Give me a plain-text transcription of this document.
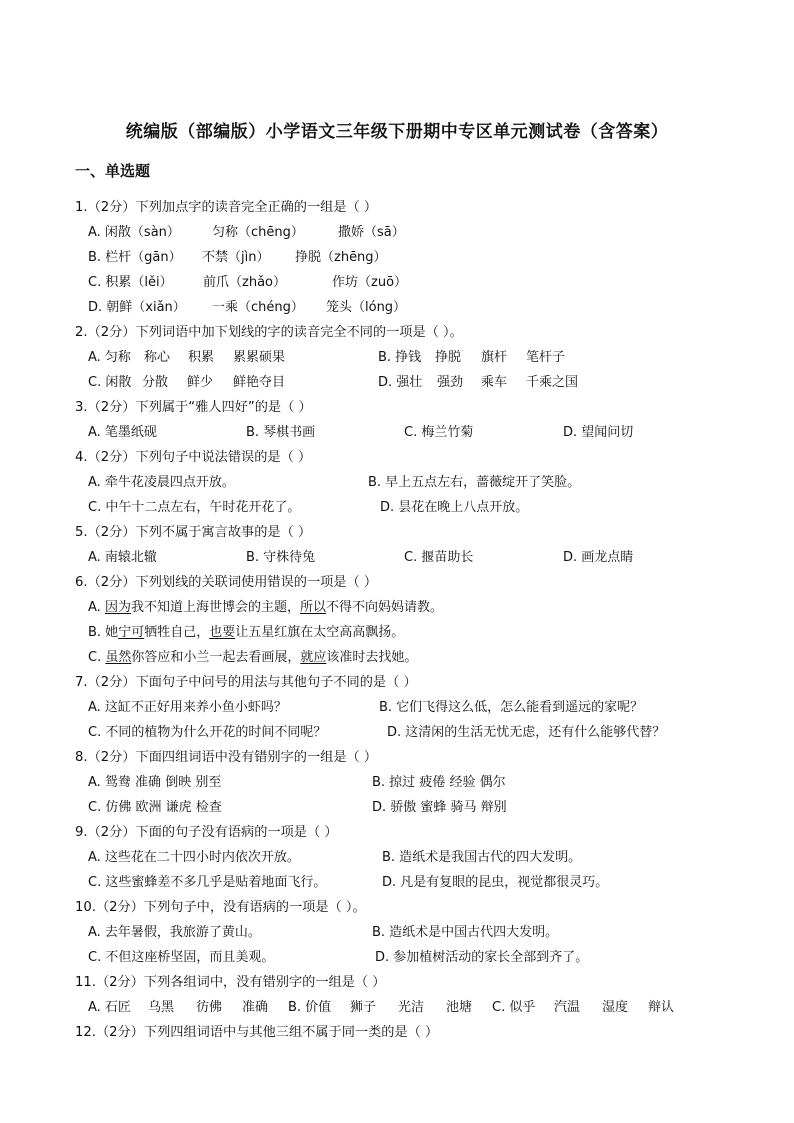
统编版（部编版）小学语文三年级下册期中专区单元测试卷（含答案）
一、单选题
1.（2分）下列加点字的读音完全正确的一组是（ ）
A. 闲散（sàn） 匀称（chēng）	撒娇（sā）
B. 栏杆（gān） 不禁（jìn） 挣脱（zhēng）
C. 积累（lěi） 前爪（zhǎo）	作坊（zuō）
D. 朝鲜（xiǎn） 一乘（chéng） 笼头（lóng）
2.（2分）下列词语中加下划线的字的读音完全不同的一项是（ ）。
A. 匀称 称心 积累 累累硕果	B. 挣钱 挣脱 旗杆 笔杆子
C. 闲散 分散 鲜少 鲜艳夺目	D. 强壮 强劲 乘车 千乘之国
3.（2分）下列属于“雅人四好”的是（ ）
A. 笔墨纸砚	B. 琴棋书画	C. 梅兰竹菊	D. 望闻问切
4.（2分）下列句子中说法错误的是（ ）
A. 牵牛花凌晨四点开放。	B. 早上五点左右，蔷薇绽开了笑脸。
C. 中午十二点左右，午时花开花了。	D. 昙花在晚上八点开放。
5.（2分）下列不属于寓言故事的是（ ）
A. 南辕北辙	B. 守株待兔	C. 揠苗助长	D. 画龙点睛
6.（2分）下列划线的关联词使用错误的一项是（ ）
A. 因为我不知道上海世博会的主题，所以不得不向妈妈请教。
B. 她宁可牺牲自己，也要让五星红旗在太空高高飘扬。
C. 虽然你答应和小兰一起去看画展，就应该准时去找她。
7.（2分）下面句子中问号的用法与其他句子不同的是（ ）
A. 这缸不正好用来养小鱼小虾吗？	B. 它们飞得这么低，怎么能看到遥远的家呢？
C. 不同的植物为什么开花的时间不同呢？	D. 这清闲的生活无忧无虑，还有什么能够代替？
8.（2分）下面四组词语中没有错别字的一组是（ ）
A. 鸳鸯 准确 倒映 别至	B. 掠过 疲倦 经验 偶尔
C. 仿佛 欧洲 谦虎 检查	D. 骄傲 蜜蜂 骑马 辩别
9.（2分）下面的句子没有语病的一项是（ ）
A. 这些花在二十四小时内依次开放。	B. 造纸术是我国古代的四大发明。
C. 这些蜜蜂差不多几乎是贴着地面飞行。	D. 凡是有复眼的昆虫，视觉都很灵巧。
10.（2分）下列句子中，没有语病的一项是（ ）。
A. 去年暑假，我旅游了黄山。	B. 造纸术是中国古代四大发明。
C. 不但这座桥坚固，而且美观。	D. 参加植树活动的家长全部到齐了。
11.（2分）下列各组词中，没有错别字的一组是（ ）
A. 石匠 乌黑 彷佛 准确 B. 价值 狮子 光洁 池塘 C. 似乎 汽温 湿度 辩认
12.（2分）下列四组词语中与其他三组不属于同一类的是（ ）
